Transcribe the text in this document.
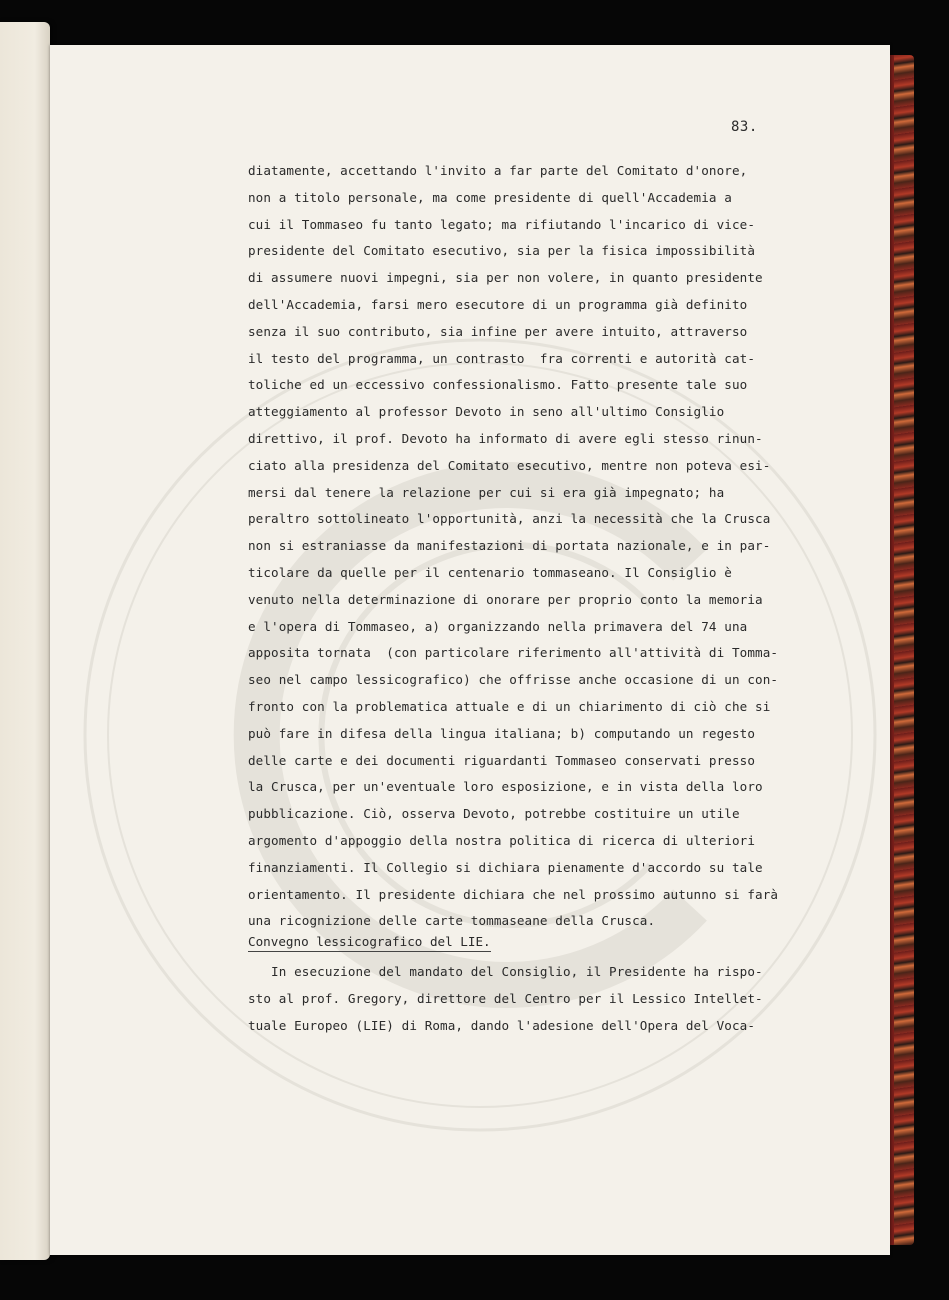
83.
diatamente, accettando l'invito a far parte del Comitato d'onore,
non a titolo personale, ma come presidente di quell'Accademia a
cui il Tommaseo fu tanto legato; ma rifiutando l'incarico di vice-
presidente del Comitato esecutivo, sia per la fisica impossibilità
di assumere nuovi impegni, sia per non volere, in quanto presidente
dell'Accademia, farsi mero esecutore di un programma già definito
senza il suo contributo, sia infine per avere intuito, attraverso
il testo del programma, un contrasto  fra correnti e autorità cat-
toliche ed un eccessivo confessionalismo. Fatto presente tale suo
atteggiamento al professor Devoto in seno all'ultimo Consiglio
direttivo, il prof. Devoto ha informato di avere egli stesso rinun-
ciato alla presidenza del Comitato esecutivo, mentre non poteva esi-
mersi dal tenere la relazione per cui si era già impegnato; ha
peraltro sottolineato l'opportunità, anzi la necessità che la Crusca
non si estraniasse da manifestazioni di portata nazionale, e in par-
ticolare da quelle per il centenario tommaseano. Il Consiglio è
venuto nella determinazione di onorare per proprio conto la memoria
e l'opera di Tommaseo, a) organizzando nella primavera del 74 una
apposita tornata  (con particolare riferimento all'attività di Tomma-
seo nel campo lessicografico) che offrisse anche occasione di un con-
fronto con la problematica attuale e di un chiarimento di ciò che si
può fare in difesa della lingua italiana; b) computando un regesto
delle carte e dei documenti riguardanti Tommaseo conservati presso
la Crusca, per un'eventuale loro esposizione, e in vista della loro
pubblicazione. Ciò, osserva Devoto, potrebbe costituire un utile
argomento d'appoggio della nostra politica di ricerca di ulteriori
finanziamenti. Il Collegio si dichiara pienamente d'accordo su tale
orientamento. Il presidente dichiara che nel prossimo autunno si farà
una ricognizione delle carte tommaseane della Crusca.
Convegno lessicografico del LIE.
In esecuzione del mandato del Consiglio, il Presidente ha rispo-
sto al prof. Gregory, direttore del Centro per il Lessico Intellet-
tuale Europeo (LIE) di Roma, dando l'adesione dell'Opera del Voca-
